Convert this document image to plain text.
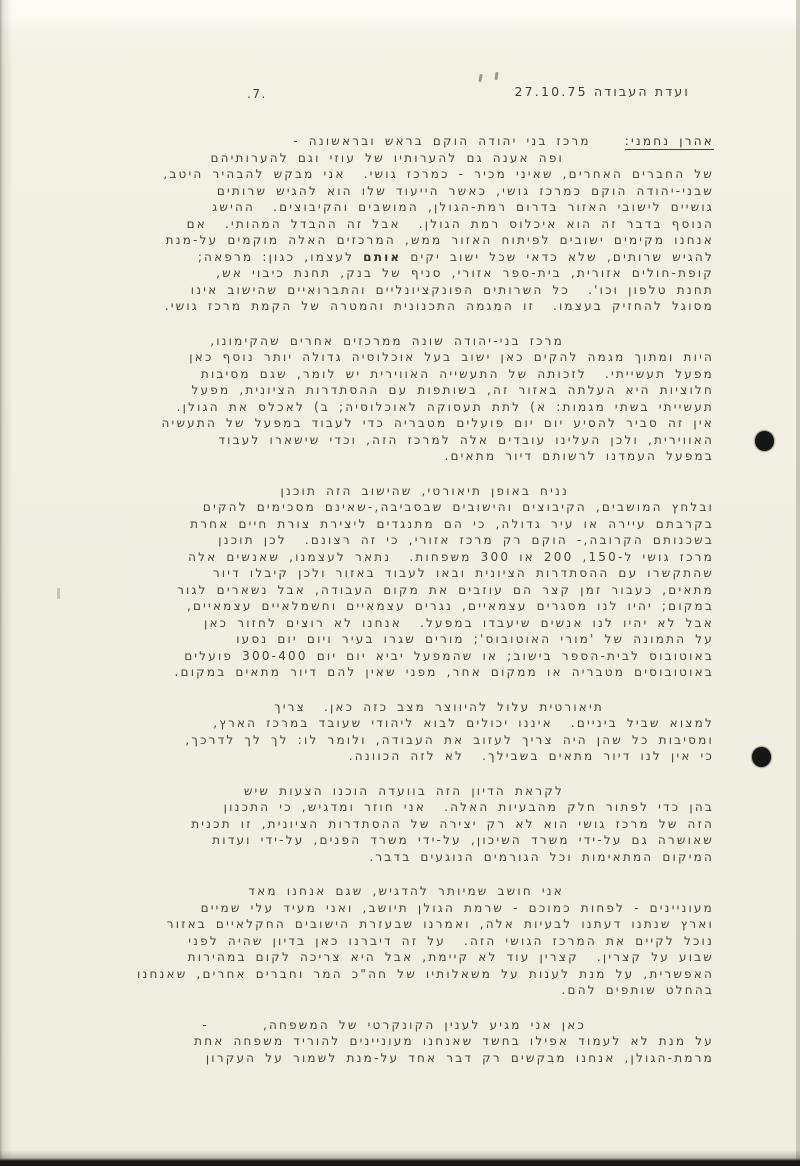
ועדת העבודה 27.10.75
.7.
אהרן נחמני:מרכז בני יהודה הוקם בראש ובראשונה -
ופה אענה גם להערותיו של עוזי וגם להערותיהם
של החברים האחרים, שאיני מכיר - כמרכז גושי.  אני מבקש להבהיר היטב,
שבני-יהודה הוקם כמרכז גושי, כאשר הייעוד שלו הוא להגיש שרותים
גושיים לישובי האזור בדרום רמת-הגולן, המושבים והקיבוצים.  ההישג
הנוסף בדבר זה הוא איכלוס רמת הגולן.  אבל זה ההבדל המהותי.  אם
אנחנו מקימים ישובים לפיתוח האזור ממש, המרכזים האלה מוקמים על-מנת
להגיש שרותים, שלא כדאי שכל ישוב יקים אותם לעצמו, כגון: מרפאה;
קופת-חולים אזורית, בית-ספר אזורי, סניף של בנק, תחנת כיבוי אש,
תחנת טלפון וכו'.  כל השרותים הפונקציונליים והתברואיים שהישוב אינו
מסוגל להחזיק בעצמו.  זו המגמה התכנונית והמטרה של הקמת מרכז גושי.
מרכז בני-יהודה שונה ממרכזים אחרים שהקימונו,
היות ומתוך מגמה להקים כאן ישוב בעל אוכלוסיה גדולה יותר נוסף כאן
מפעל תעשייתי.  לזכותה של התעשייה האווירית יש לומר, שגם מסיבות
חלוציות היא העלתה באזור זה, בשותפות עם ההסתדרות הציונית, מפעל
תעשייתי בשתי מגמות: א) לתת תעסוקה לאוכלוסיה; ב) לאכלס את הגולן.
אין זה סביר להסיע יום יום פועלים מטבריה כדי לעבוד במפעל של התעשיה
האווירית, ולכן העלינו עובדים אלה למרכז הזה, וכדי שישארו לעבוד
במפעל העמדנו לרשותם דיור מתאים.
נניח באופן תיאורטי, שהישוב הזה תוכנן
ובלחץ המושבים, הקיבוצים והישובים שבסביבה,-שאינם מסכימים להקים
בקרבתם עיירה או עיר גדולה, כי הם מתנגדים ליצירת צורת חיים אחרת
בשכנותם הקרובה,- הוקם רק מרכז אזורי, כי זה רצונם.  לכן תוכנן
מרכז גושי ל-150, 200 או 300 משפחות.  נתאר לעצמנו, שאנשים אלה
שהתקשרו עם ההסתדרות הציונית ובאו לעבוד באזור ולכן קיבלו דיור
מתאים, כעבור זמן קצר הם עוזבים את מקום העבודה, אבל נשארים לגור
במקום; יהיו לנו מסגרים עצמאיים, נגרים עצמאיים וחשמלאיים עצמאיים,
אבל לא יהיו לנו אנשים שיעבדו במפעל.  אנחנו לא רוצים לחזור כאן
על התמונה של 'מורי האוטובוס'; מורים שגרו בעיר ויום יום נסעו
באוטובוס לבית-הספר בישוב; או שהמפעל יביא יום יום 300-400 פועלים
באוטובוסים מטבריה או ממקום אחר, מפני שאין להם דיור מתאים במקום.
תיאורטית עלול להיווצר מצב כזה כאן.  צריך
למצוא שביל ביניים.  איננו יכולים לבוא ליהודי שעובד במרכז הארץ,
ומסיבות כל שהן היה צריך לעזוב את העבודה, ולומר לו: לך לך לדרכך,
כי אין לנו דיור מתאים בשבילך.  לא לזה הכוונה.
לקראת הדיון הזה בוועדה הוכנו הצעות שיש
בהן כדי לפתור חלק מהבעיות האלה.  אני חוזר ומדגיש, כי התכנון
הזה של מרכז גושי הוא לא רק יצירה של ההסתדרות הציונית, זו תכנית
שאושרה גם על-ידי משרד השיכון, על-ידי משרד הפנים, על-ידי ועדות
המיקום המתאימות וכל הגורמים הנוגעים בדבר.
אני חושב שמיותר להדגיש, שגם אנחנו מאד
מעוניינים - לפחות כמוכם - שרמת הגולן תיושב, ואני מעיד עלי שמיים
וארץ שנתנו דעתנו לבעיות אלה, ואמרנו שבעזרת הישובים החקלאיים באזור
נוכל לקיים את המרכז הגושי הזה.  על זה דיברנו כאן בדיון שהיה לפני
שבוע על קצרין.  קצרין עוד לא קיימת, אבל היא צריכה לקום במהירות
האפשרית, על מנת לענות על משאלותיו של חה"כ המר וחברים אחרים, שאנחנו
בהחלט שותפים להם.
כאן אני מגיע לענין הקונקרטי של המשפחה,      -
על מנת לא לעמוד אפילו בחשד שאנחנו מעוניינים להוריד משפחה אחת
מרמת-הגולן, אנחנו מבקשים רק דבר אחד על-מנת לשמור על העקרון
